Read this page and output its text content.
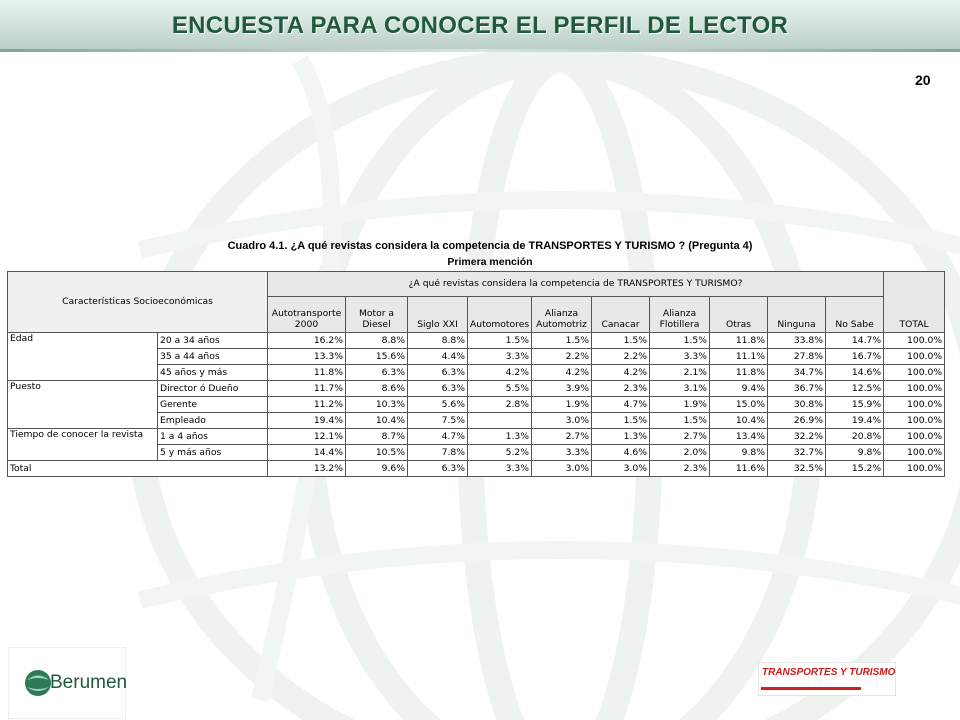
ENCUESTA PARA CONOCER EL PERFIL DE LECTOR
20
Cuadro 4.1. ¿A qué revistas considera la competencia de TRANSPORTES Y TURISMO ? (Pregunta 4)
Primera mención
Características Socioeconómicas		¿A qué revistas considera la competencia de TRANSPORTES Y TURISMO?										TOTAL
		Autotransporte 2000	Motor a Diesel	Siglo XXI	Automotores	Alianza Automotriz	Canacar	Alianza Flotillera	Otras	Ninguna	No Sabe	
Edad	20 a 34 años	16.2%	8.8%	8.8%	1.5%	1.5%	1.5%	1.5%	11.8%	33.8%	14.7%	100.0%
	35 a 44 años	13.3%	15.6%	4.4%	3.3%	2.2%	2.2%	3.3%	11.1%	27.8%	16.7%	100.0%
	45 años y más	11.8%	6.3%	6.3%	4.2%	4.2%	4.2%	2.1%	11.8%	34.7%	14.6%	100.0%
Puesto	Director ó Dueño	11.7%	8.6%	6.3%	5.5%	3.9%	2.3%	3.1%	9.4%	36.7%	12.5%	100.0%
	Gerente	11.2%	10.3%	5.6%	2.8%	1.9%	4.7%	1.9%	15.0%	30.8%	15.9%	100.0%
	Empleado	19.4%	10.4%	7.5%		3.0%	1.5%	1.5%	10.4%	26.9%	19.4%	100.0%
Tiempo de conocer la revista	1 a 4 años	12.1%	8.7%	4.7%	1.3%	2.7%	1.3%	2.7%	13.4%	32.2%	20.8%	100.0%
	5 y más años	14.4%	10.5%	7.8%	5.2%	3.3%	4.6%	2.0%	9.8%	32.7%	9.8%	100.0%
Total		13.2%	9.6%	6.3%	3.3%	3.0%	3.0%	2.3%	11.6%	32.5%	15.2%	100.0%
Berumen	TRANSPORTES Y TURISMO
